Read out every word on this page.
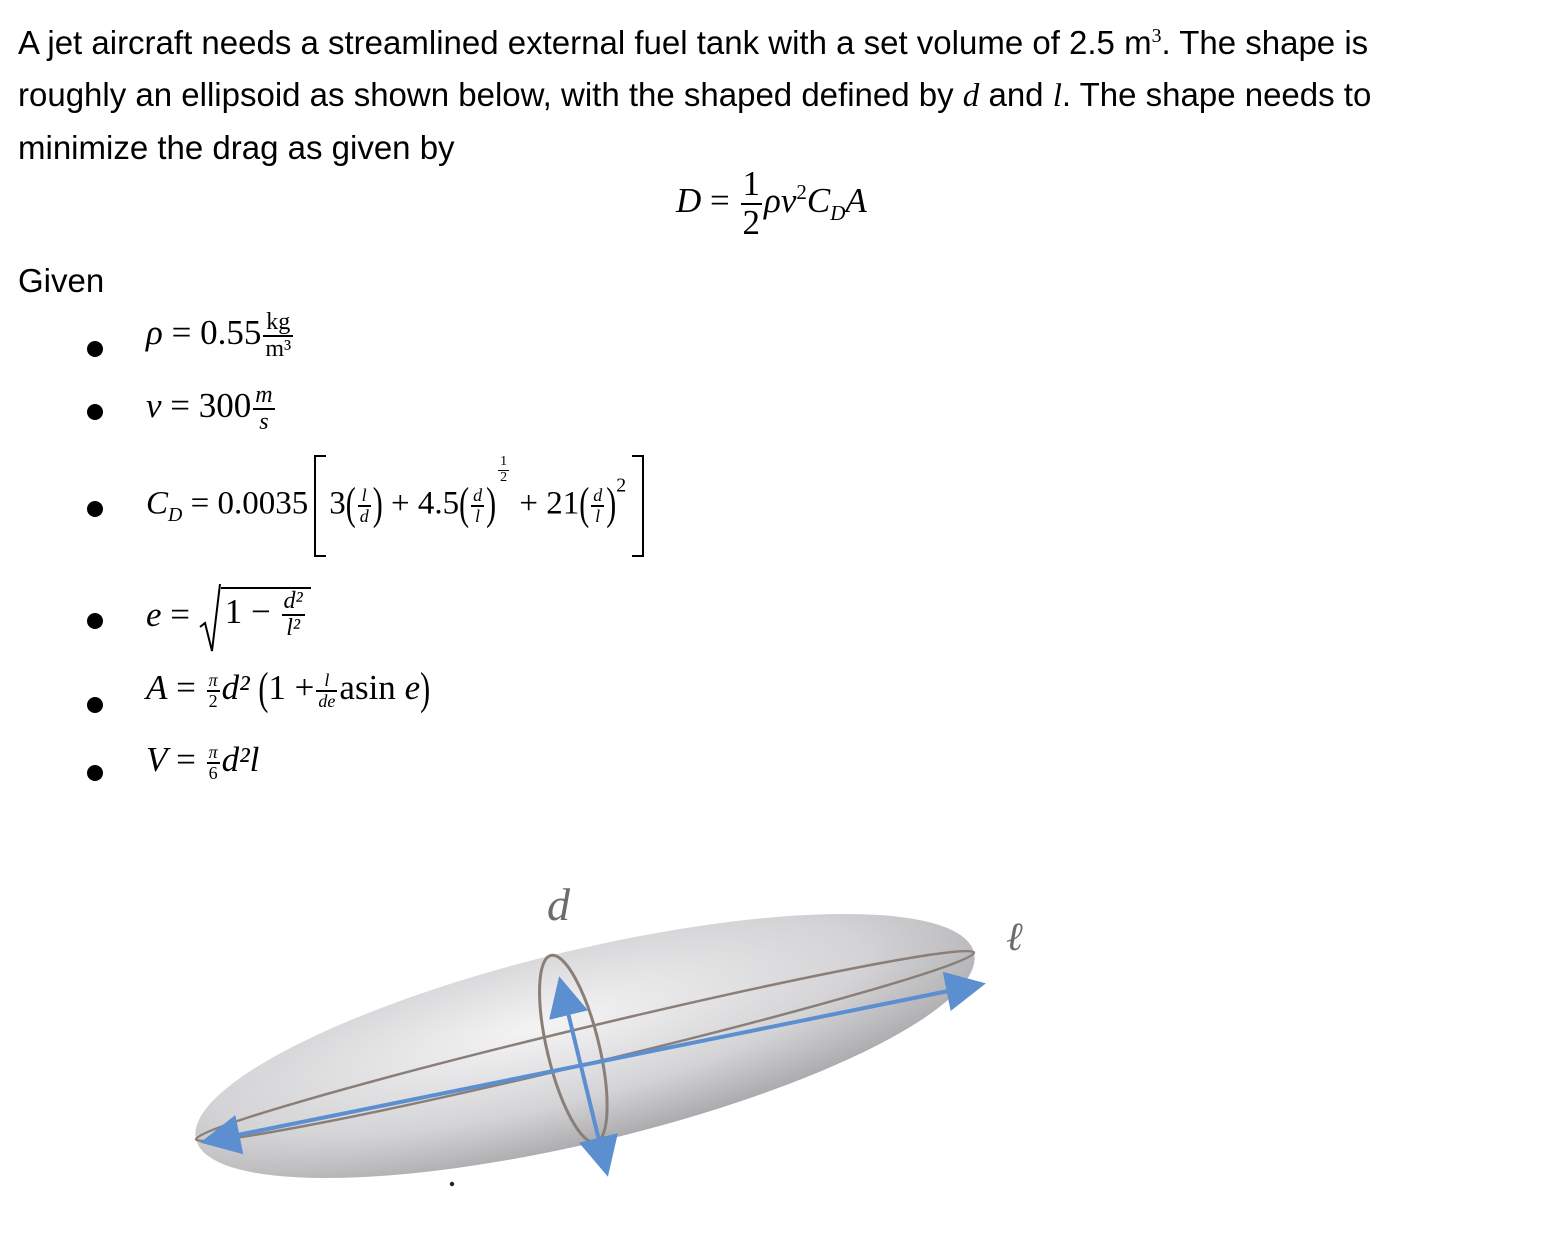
A jet aircraft needs a streamlined external fuel tank with a set volume of 2.5 $m^3$. The shape is

roughly an ellipsoid as shown below, with the shaped defined by d and l. The shape needs to

minimize the drag as given by

$D = \frac{1}{2} \rho v^2C_DA$
Given
$\rho = 0.55 \frac{kg}{\text{m³}}$
$v = 300 \frac{m}{s}$
$C_D = 0.0035$ $3( \frac{l}{d}$ ) + $4.5( \frac{d}{l}$ )
$\frac{1}{2}$
+ $21( \frac{d}{l} )^2$
$e = 1 - \frac{\text{d²}}{\text{l²}}$
$A = \frac{\pi}{2} d^2$ ($1 + \frac{l}{de}$ asin e)
$V = \frac{\pi}{6} d^2l$
d
ℓ
